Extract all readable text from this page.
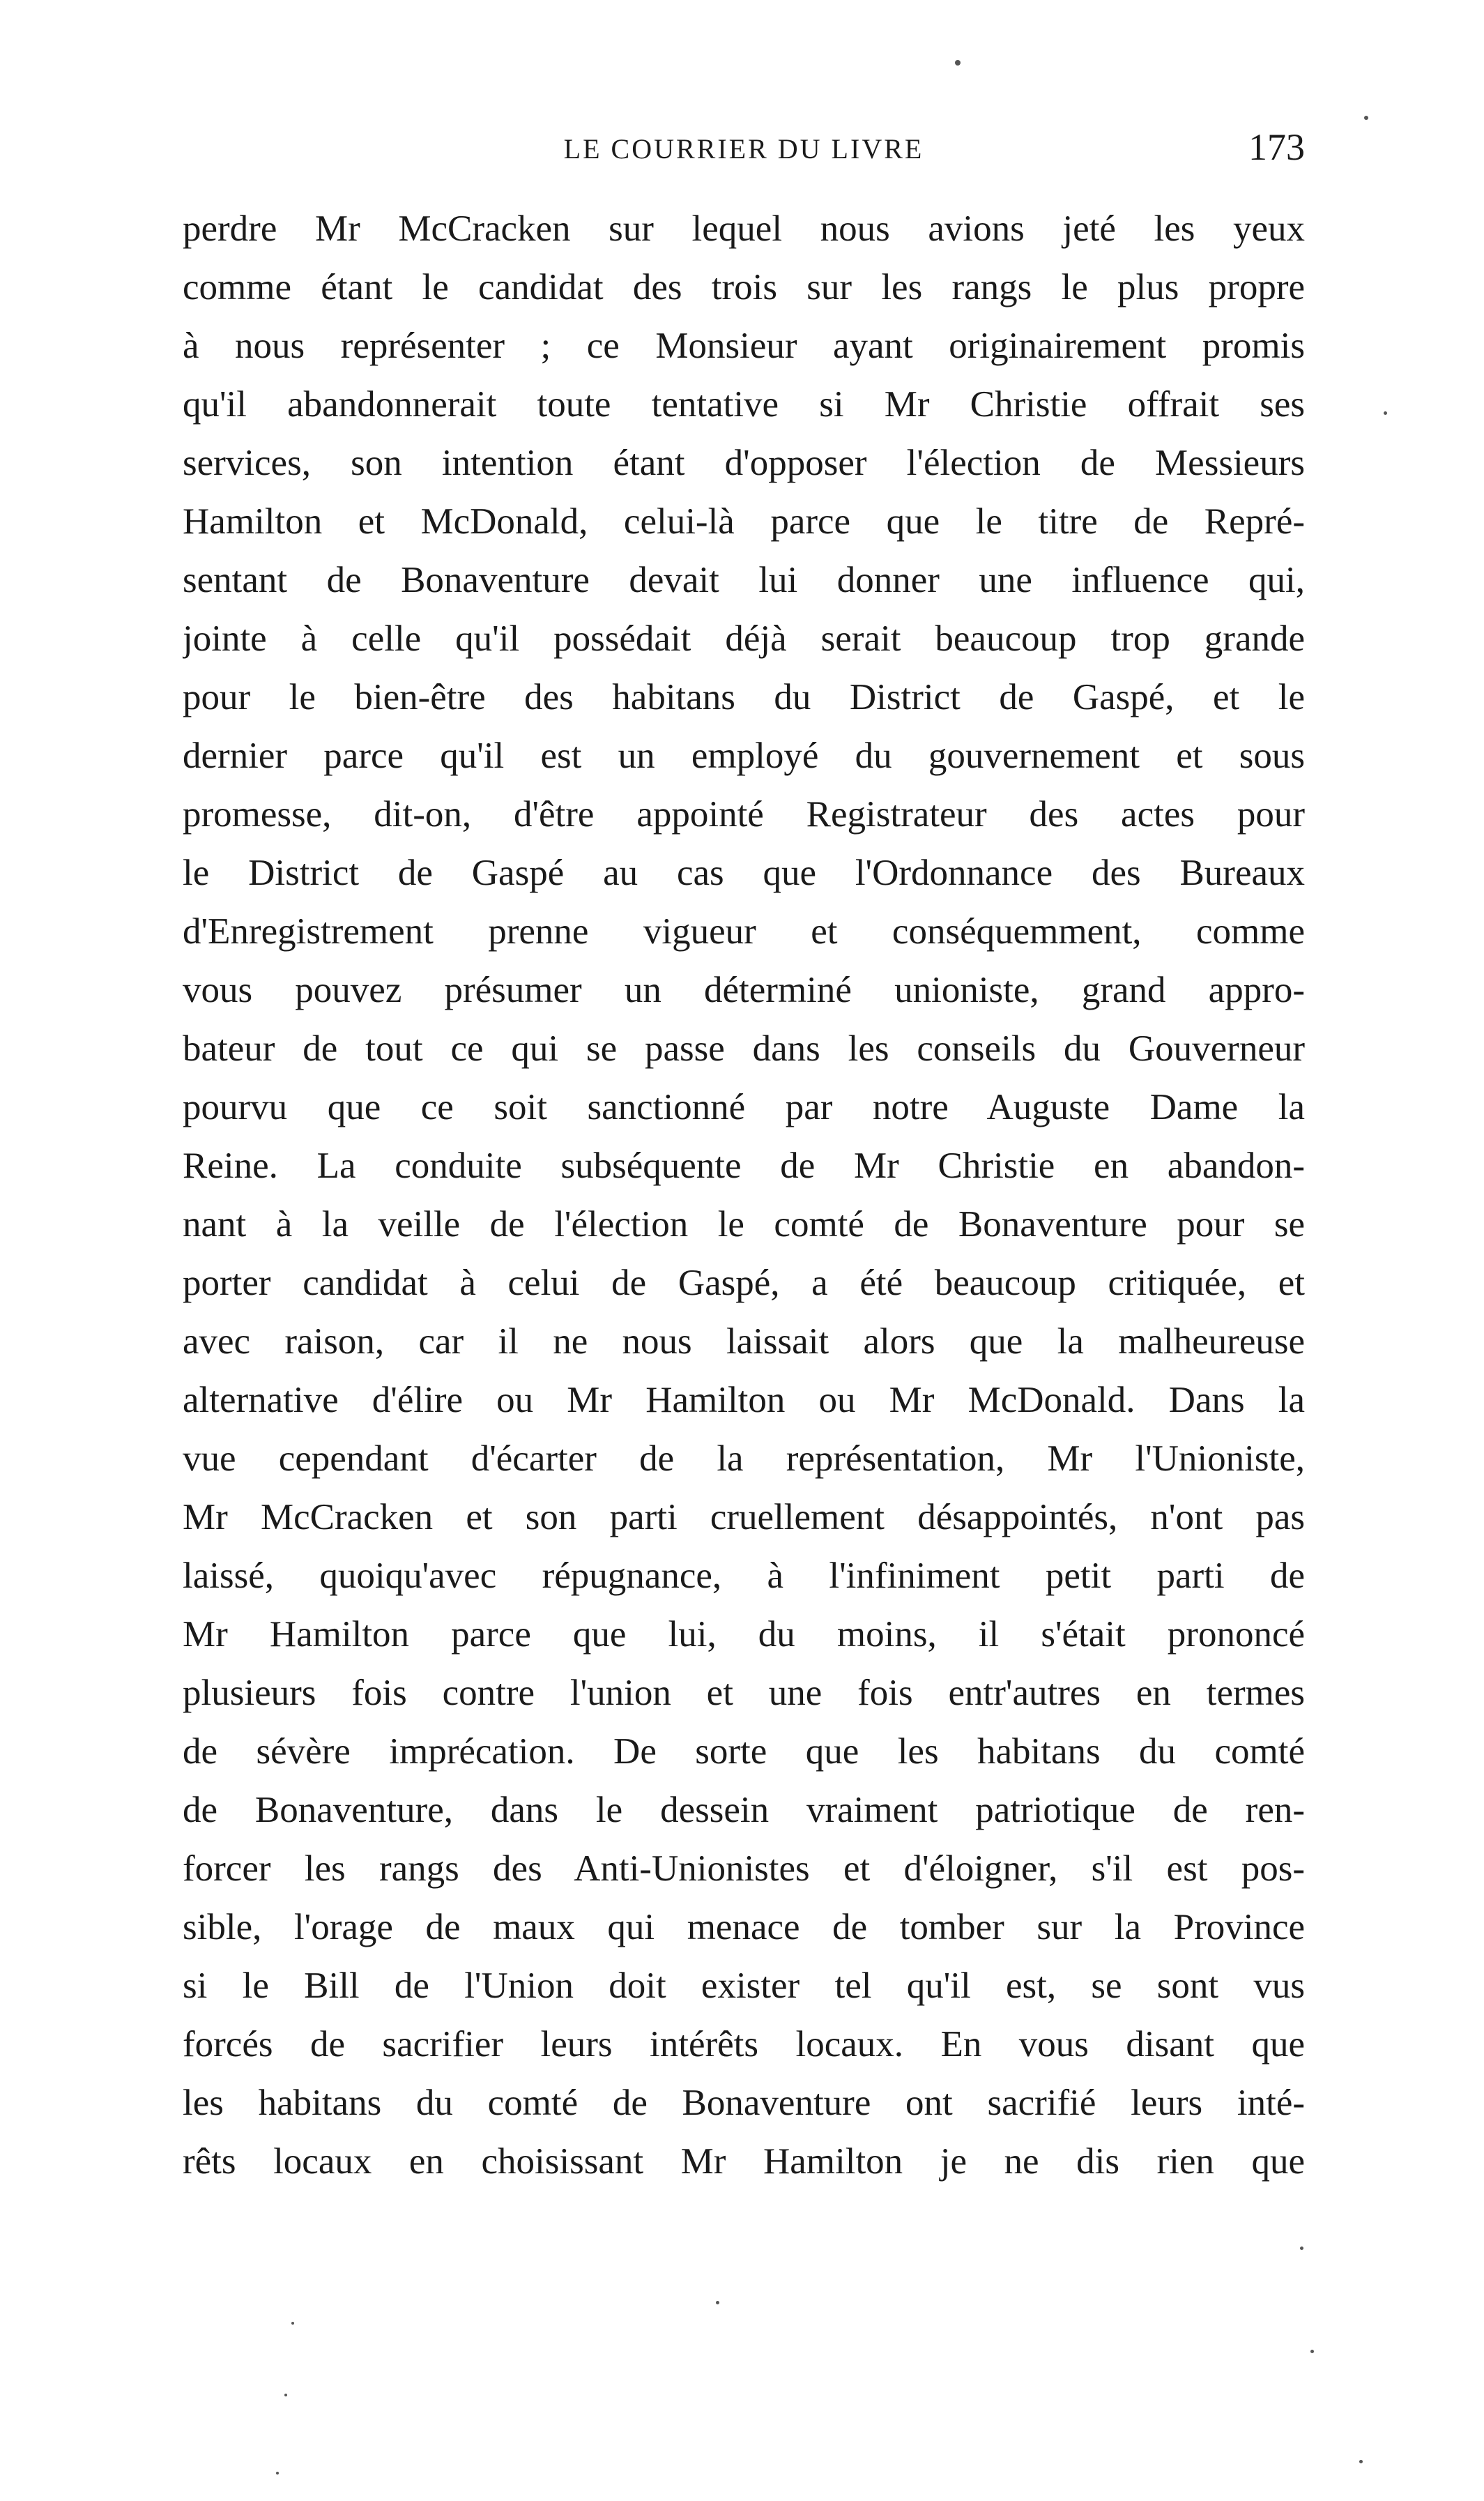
LE COURRIER DU LIVRE	173
perdre Mr McCracken sur lequel nous avions jeté les yeux
comme étant le candidat des trois sur les rangs le plus propre
à nous représenter ; ce Monsieur ayant originairement promis
qu'il abandonnerait toute tentative si Mr Christie offrait ses
services, son intention étant d'opposer l'élection de Messieurs
Hamilton et McDonald, celui-là parce que le titre de Repré-
sentant de Bonaventure devait lui donner une influence qui,
jointe à celle qu'il possédait déjà serait beaucoup trop grande
pour le bien-être des habitans du District de Gaspé, et le
dernier parce qu'il est un employé du gouvernement et sous
promesse, dit-on, d'être appointé Registrateur des actes pour
le District de Gaspé au cas que l'Ordonnance des Bureaux
d'Enregistrement prenne vigueur et conséquemment, comme
vous pouvez présumer un déterminé unioniste, grand appro-
bateur de tout ce qui se passe dans les conseils du Gouverneur
pourvu que ce soit sanctionné par notre Auguste Dame la
Reine. La conduite subséquente de Mr Christie en abandon-
nant à la veille de l'élection le comté de Bonaventure pour se
porter candidat à celui de Gaspé, a été beaucoup critiquée, et
avec raison, car il ne nous laissait alors que la malheureuse
alternative d'élire ou Mr Hamilton ou Mr McDonald. Dans la
vue cependant d'écarter de la représentation, Mr l'Unioniste,
Mr McCracken et son parti cruellement désappointés, n'ont pas
laissé, quoiqu'avec répugnance, à l'infiniment petit parti de
Mr Hamilton parce que lui, du moins, il s'était prononcé
plusieurs fois contre l'union et une fois entr'autres en termes
de sévère imprécation. De sorte que les habitans du comté
de Bonaventure, dans le dessein vraiment patriotique de ren-
forcer les rangs des Anti-Unionistes et d'éloigner, s'il est pos-
sible, l'orage de maux qui menace de tomber sur la Province
si le Bill de l'Union doit exister tel qu'il est, se sont vus
forcés de sacrifier leurs intérêts locaux. En vous disant que
les habitans du comté de Bonaventure ont sacrifié leurs inté-
rêts locaux en choisissant Mr Hamilton je ne dis rien que
